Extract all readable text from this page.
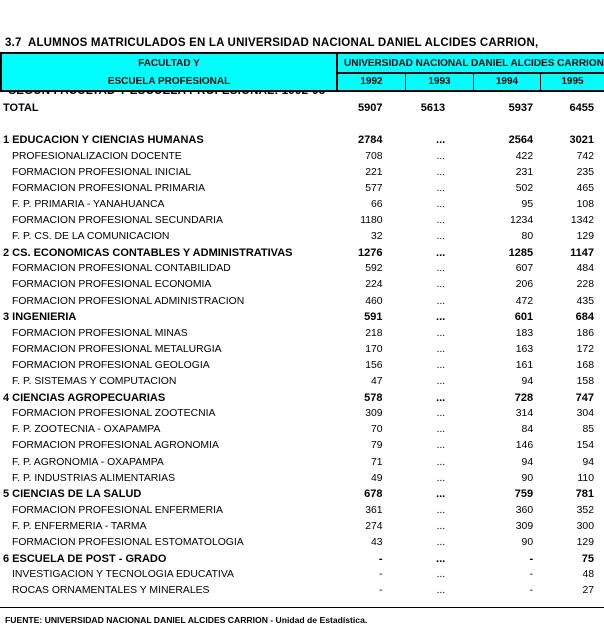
3.7  ALUMNOS MATRICULADOS EN LA UNIVERSIDAD NACIONAL DANIEL ALCIDES CARRION,

FACULTAD Y
ESCUELA PROFESIONAL
UNIVERSIDAD NACIONAL DANIEL ALCIDES CARRION
1992	1993	1994	1995
TOTAL	5907	5613	5937	6455

1 EDUCACION Y CIENCIAS HUMANAS	2784	...	2564	3021
PROFESIONALIZACION DOCENTE	708	...	422	742
FORMACION PROFESIONAL INICIAL	221	...	231	235
FORMACION PROFESIONAL PRIMARIA	577	...	502	465
F. P. PRIMARIA - YANAHUANCA	66	...	95	108
FORMACION PROFESIONAL SECUNDARIA	1180	...	1234	1342
F. P. CS. DE LA COMUNICACION	32	...	80	129
2 CS. ECONOMICAS CONTABLES Y ADMINISTRATIVAS	1276	...	1285	1147
FORMACION PROFESIONAL CONTABILIDAD	592	...	607	484
FORMACION PROFESIONAL ECONOMIA	224	...	206	228
FORMACION PROFESIONAL ADMINISTRACION	460	...	472	435
3 INGENIERIA	591	...	601	684
FORMACION PROFESIONAL MINAS	218	...	183	186
FORMACION PROFESIONAL METALURGIA	170	...	163	172
FORMACION PROFESIONAL GEOLOGIA	156	...	161	168
F. P. SISTEMAS Y COMPUTACION	47	...	94	158
4 CIENCIAS AGROPECUARIAS	578	...	728	747
FORMACION PROFESIONAL ZOOTECNIA	309	...	314	304
F. P. ZOOTECNIA - OXAPAMPA	70	...	84	85
FORMACION PROFESIONAL AGRONOMIA	79	...	146	154
F. P. AGRONOMIA - OXAPAMPA	71	...	94	94
F. P. INDUSTRIAS ALIMENTARIAS	49	...	90	110
5 CIENCIAS DE LA SALUD	678	...	759	781
FORMACION PROFESIONAL ENFERMERIA	361	...	360	352
F. P. ENFERMERIA - TARMA	274	...	309	300
FORMACION PROFESIONAL ESTOMATOLOGIA	43	...	90	129
6 ESCUELA DE POST - GRADO	-	...	-	75
INVESTIGACION Y TECNOLOGIA EDUCATIVA	-	...	-	48
ROCAS ORNAMENTALES Y MINERALES	-	...	-	27
FUENTE: UNIVERSIDAD NACIONAL DANIEL ALCIDES CARRION - Unidad de Estadística.
